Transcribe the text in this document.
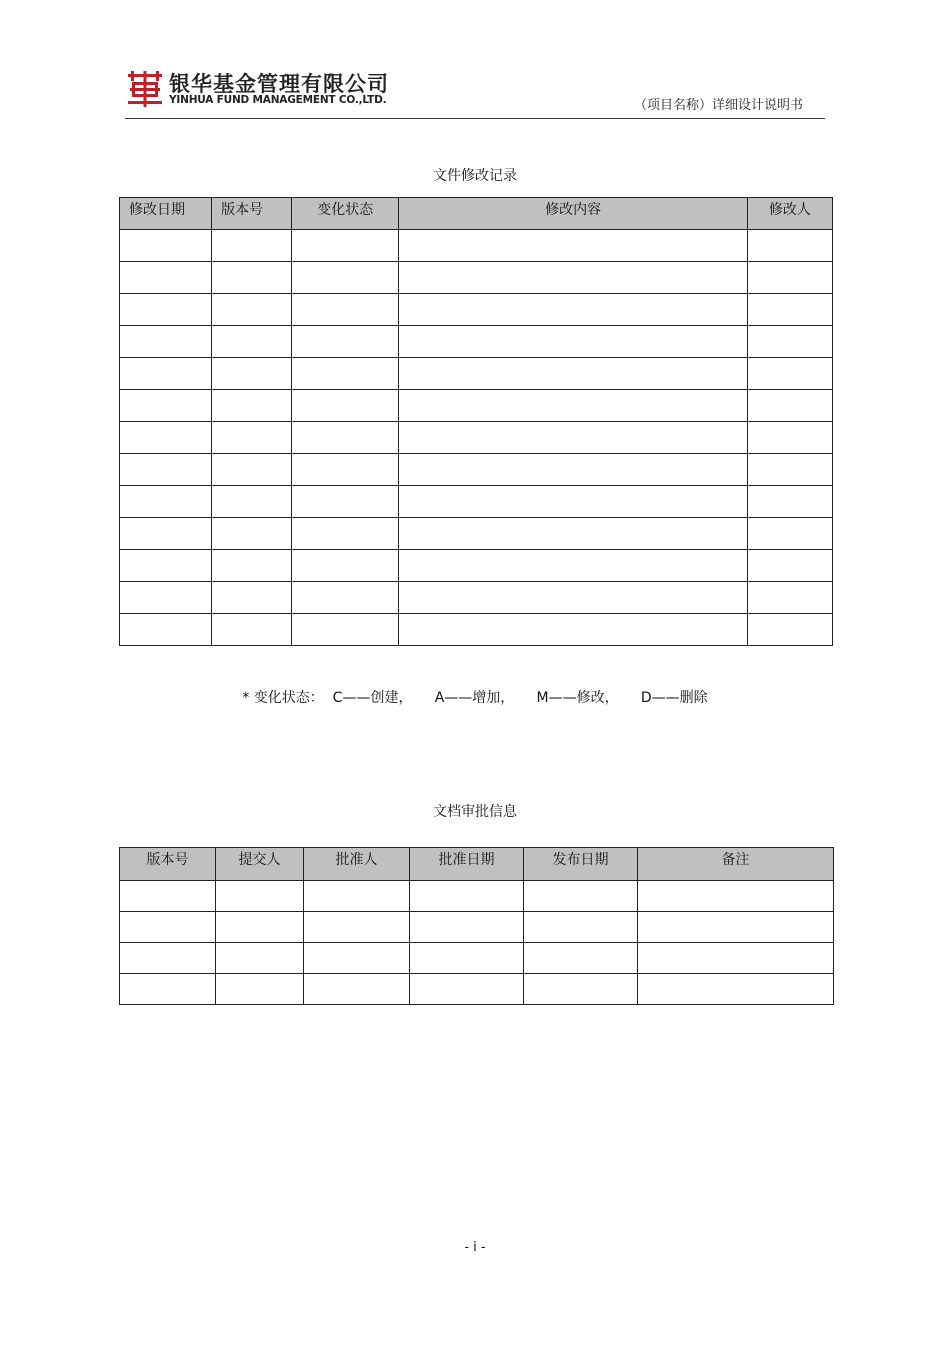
银华基金管理有限公司
YINHUA FUND MANAGEMENT CO.,LTD.	（项目名称）详细设计说明书
文件修改记录
修改日期	版本号	变化状态	修改内容	修改人

* 变化状态：  C——创建，     A——增加，     M——修改，     D——删除
文档审批信息
版本号	提交人	批准人	批准日期	发布日期	备注

- i -
